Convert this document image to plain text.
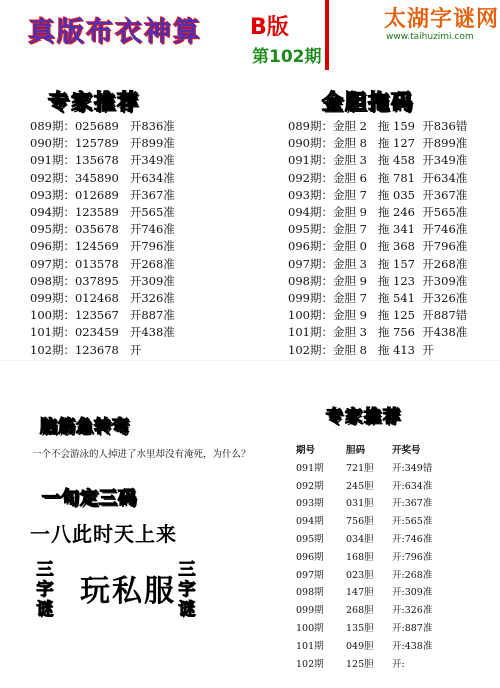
真版布衣神算 B版
第102期
太湖字谜网
www.taihuzimi.com
专家推荐
089期：025689   开836准
090期：125789   开899准
091期：135678   开349准
092期：345890   开634准
093期：012689   开367准
094期：123589   开565准
095期：035678   开746准
096期：124569   开796准
097期：013578   开268准
098期：037895   开309准
099期：012468   开326准
100期：123567   开887准
101期：023459   开438准
102期：123678   开
金胆拖码
089期：金胆 2   拖 159  开836错
090期：金胆 8   拖 127  开899准
091期：金胆 3   拖 458  开349准
092期：金胆 6   拖 781  开634准
093期：金胆 7   拖 035  开367准
094期：金胆 9   拖 246  开565准
095期：金胆 7   拖 341  开746准
096期：金胆 0   拖 368  开796准
097期：金胆 3   拖 157  开268准
098期：金胆 9   拖 123  开309准
099期：金胆 7   拖 541  开326准
100期：金胆 9   拖 125  开887错
101期：金胆 3   拖 756  开438准
102期：金胆 8   拖 413  开
脑筋急转弯
一个不会游泳的人掉进了水里却没有淹死，为什么？
一句定三码
一八此时天上来
三
字
谜
玩私服
三
字
谜
专家推荐
期号	胆码	开奖号
091期 721胆 开:349错
092期 245胆 开:634准
093期 031胆 开:367准
094期 756胆 开:565准
095期 034胆 开:746准
096期 168胆 开:796准
097期 023胆 开:268准
098期 147胆 开:309准
099期 268胆 开:326准
100期 135胆 开:887准
101期 049胆 开:438准
102期 125胆 开:
